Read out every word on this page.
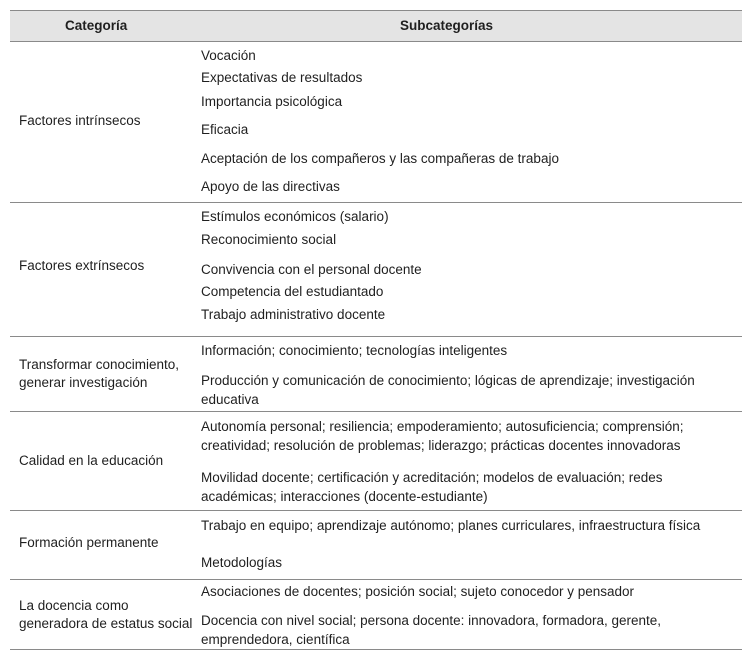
Categoría	Subcategorías
Factores intrínsecos
Vocación
Expectativas de resultados
Importancia psicológica
Eficacia
Aceptación de los compañeros y las compañeras de trabajo
Apoyo de las directivas
Factores extrínsecos
Estímulos económicos (salario)
Reconocimiento social
Convivencia con el personal docente
Competencia del estudiantado
Trabajo administrativo docente
Transformar conocimiento, generar investigación
Información; conocimiento; tecnologías inteligentes
Producción y comunicación de conocimiento; lógicas de aprendizaje; investigación educativa
Calidad en la educación
Autonomía personal; resiliencia; empoderamiento; autosuficiencia; comprensión; creatividad; resolución de problemas; liderazgo; prácticas docentes innovadoras
Movilidad docente; certificación y acreditación; modelos de evaluación; redes académicas; interacciones (docente-estudiante)
Formación permanente
Trabajo en equipo; aprendizaje autónomo; planes curriculares, infraestructura física
Metodologías
La docencia como generadora de estatus social
Asociaciones de docentes; posición social; sujeto conocedor y pensador
Docencia con nivel social; persona docente: innovadora, formadora, gerente, emprendedora, científica
